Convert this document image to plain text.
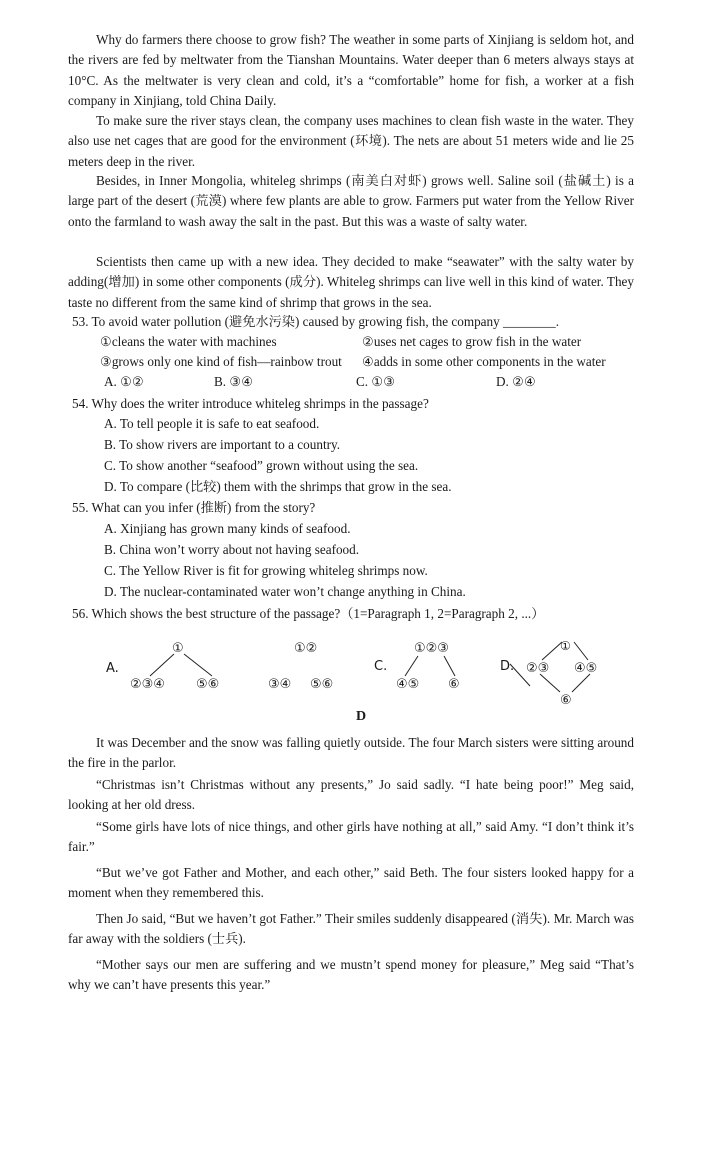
Why do farmers there choose to grow fish? The weather in some parts of Xinjiang is seldom hot, and the rivers are fed by meltwater from the Tianshan Mountains. Water deeper than 6 meters always stays at 10°C. As the meltwater is very clean and cold, it’s a “comfortable” home for fish, a worker at a fish company in Xinjiang, told China Daily.

To make sure the river stays clean, the company uses machines to clean fish waste in the water. They also use net cages that are good for the environment (环境). The nets are about 51 meters wide and lie 25 meters deep in the river.

Besides, in Inner Mongolia, whiteleg shrimps (南美白对虾) grows well. Saline soil (盐碱土) is a large part of the desert (荒漠) where few plants are able to grow. Farmers put water from the Yellow River onto the farmland to wash away the salt in the past. But this was a waste of salty water.

Scientists then came up with a new idea. They decided to make “seawater” with the salty water by adding(增加) in some other components (成分). Whiteleg shrimps can live well in this kind of water. They taste no different from the same kind of shrimp that grows in the sea.

53. To avoid water pollution (避免水污染) caused by growing fish, the company ________.

①cleans the water with machines	②uses net cages to grow fish in the water
③grows only one kind of fish—rainbow trout ④adds in some other components in the water
A. ①②	B. ③④	C. ①③	D. ②④

54. Why does the writer introduce whiteleg shrimps in the passage?

A. To tell people it is safe to eat seafood.
B. To show rivers are important to a country.
C. To show another “seafood” grown without using the sea.
D. To compare (比较) them with the shrimps that grow in the sea.

55. What can you infer (推断) from the story?

A. Xinjiang has grown many kinds of seafood.
B. China won’t worry about not having seafood.
C. The Yellow River is fit for growing whiteleg shrimps now.
D. The nuclear-contaminated water won’t change anything in China.

56. Which shows the best structure of the passage?（1=Paragraph 1, 2=Paragraph 2, ...）

A.
①
②③④ ⑤⑥
①②
③④ ⑤⑥
C.
①②③
④⑤ ⑥
D.
①
②③ ④⑤
⑥
D

It was December and the snow was falling quietly outside. The four March sisters were sitting around the fire in the parlor.

“Christmas isn’t Christmas without any presents,” Jo said sadly. “I hate being poor!” Meg said, looking at her old dress.

“Some girls have lots of nice things, and other girls have nothing at all,” said Amy. “I don’t think it’s fair.”

“But we’ve got Father and Mother, and each other,” said Beth. The four sisters looked happy for a moment when they remembered this.

Then Jo said, “But we haven’t got Father.” Their smiles suddenly disappeared (消失). Mr. March was far away with the soldiers (士兵).

“Mother says our men are suffering and we mustn’t spend money for pleasure,” Meg said “That’s why we can’t have presents this year.”
